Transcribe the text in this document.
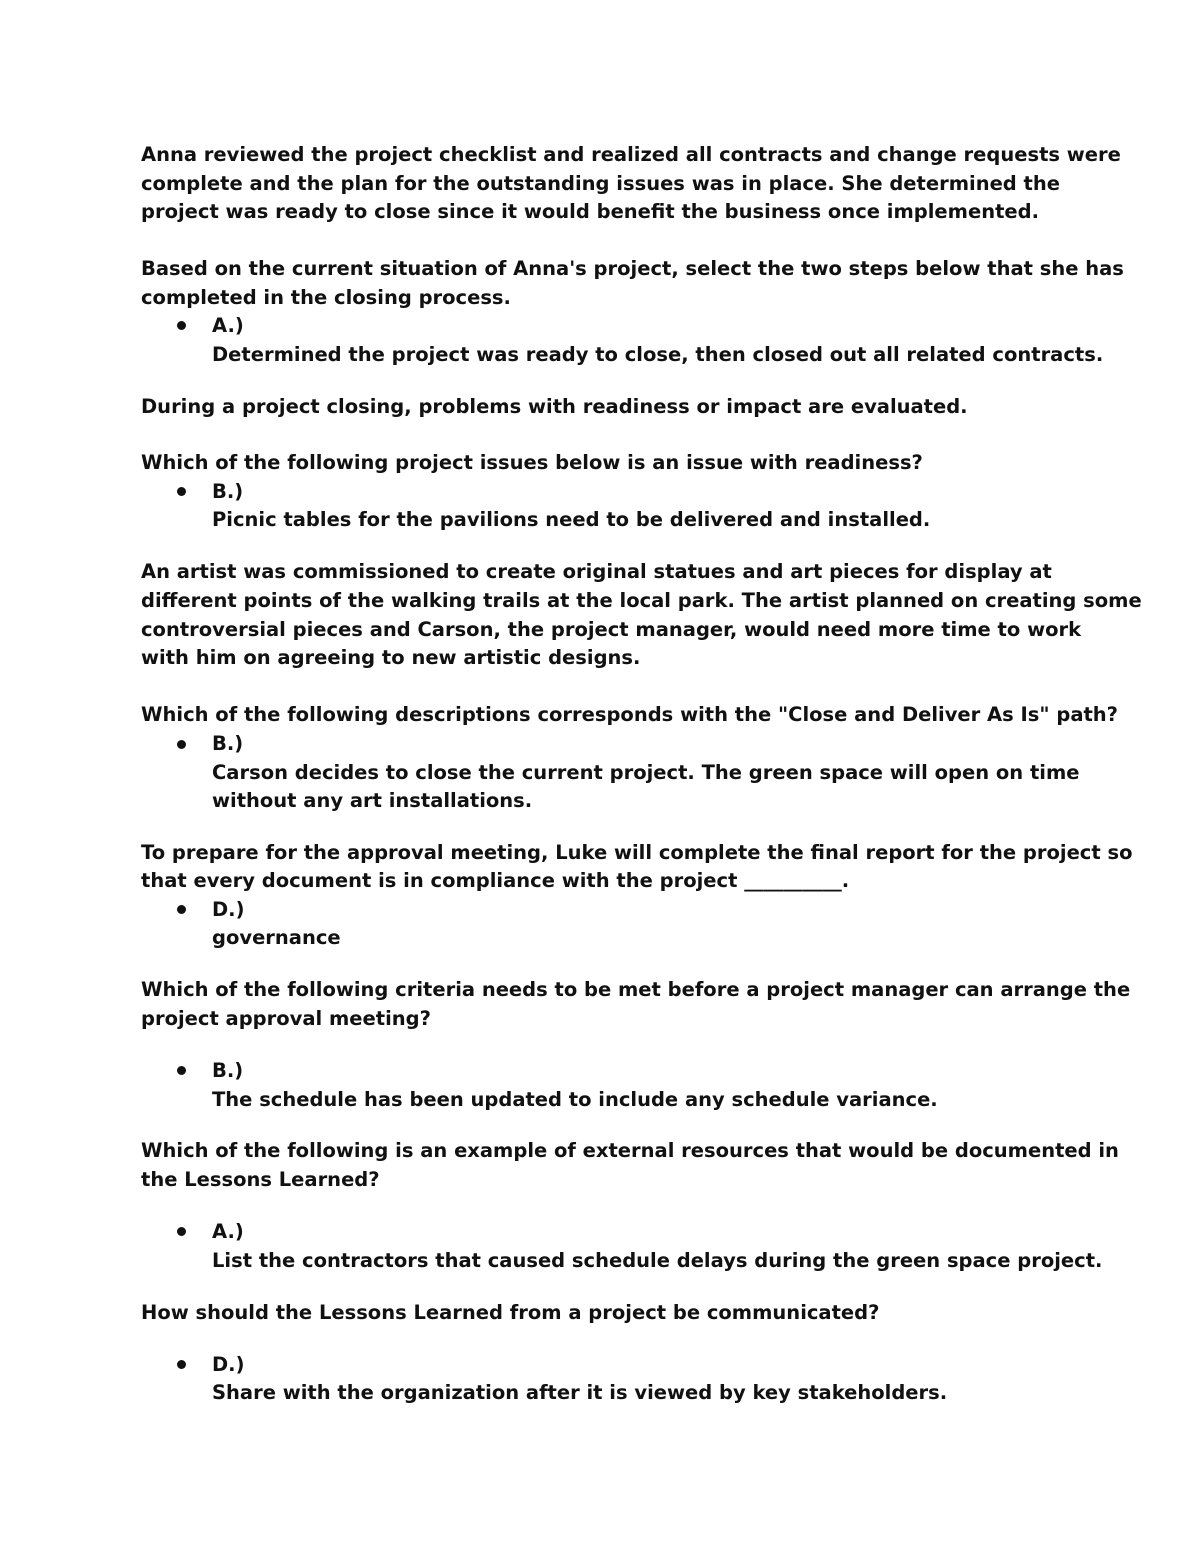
Anna reviewed the project checklist and realized all contracts and change requests were
complete and the plan for the outstanding issues was in place. She determined the
project was ready to close since it would benefit the business once implemented.
Based on the current situation of Anna's project, select the two steps below that she has
completed in the closing process.
A.)
Determined the project was ready to close, then closed out all related contracts.
During a project closing, problems with readiness or impact are evaluated.
Which of the following project issues below is an issue with readiness?
B.)
Picnic tables for the pavilions need to be delivered and installed.
An artist was commissioned to create original statues and art pieces for display at
different points of the walking trails at the local park. The artist planned on creating some
controversial pieces and Carson, the project manager, would need more time to work
with him on agreeing to new artistic designs.
Which of the following descriptions corresponds with the "Close and Deliver As Is" path?
B.)
Carson decides to close the current project. The green space will open on time
without any art installations.
To prepare for the approval meeting, Luke will complete the final report for the project so
that every document is in compliance with the project __________.
D.)
governance
Which of the following criteria needs to be met before a project manager can arrange the
project approval meeting?
B.)
The schedule has been updated to include any schedule variance.
Which of the following is an example of external resources that would be documented in
the Lessons Learned?
A.)
List the contractors that caused schedule delays during the green space project.
How should the Lessons Learned from a project be communicated?
D.)
Share with the organization after it is viewed by key stakeholders.
